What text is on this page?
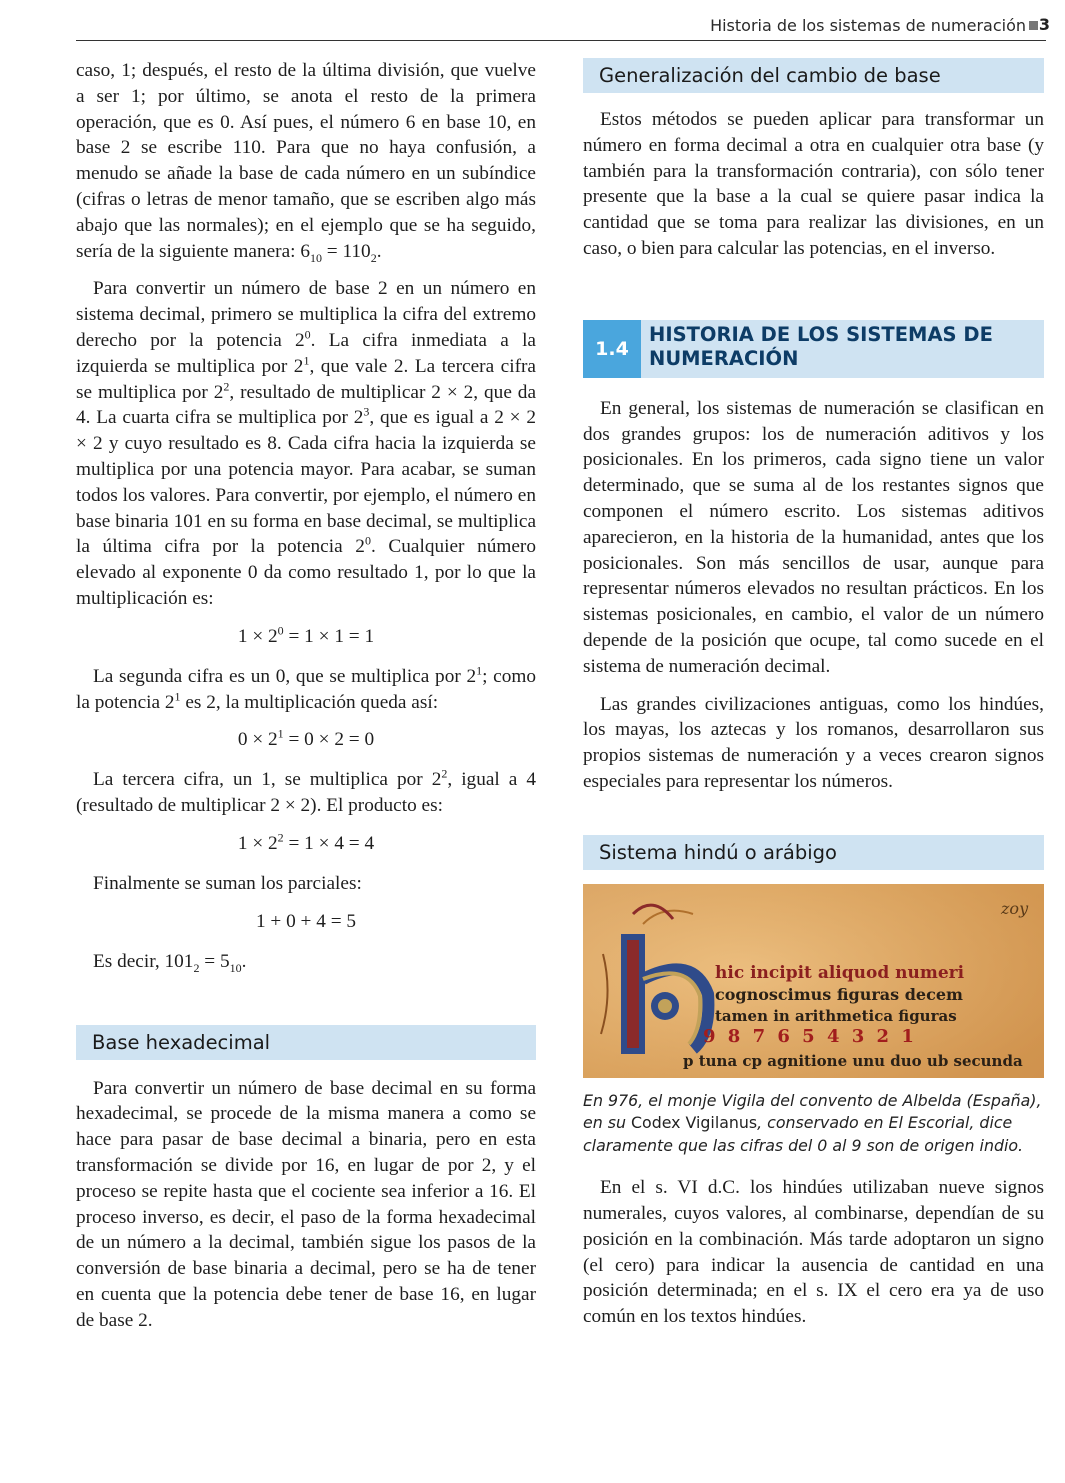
Historia de los sistemas de numeración 3

caso, 1; después, el resto de la última división, que vuelve a ser 1; por último, se anota el resto de la primera operación, que es 0. Así pues, el número 6 en base 10, en base 2 se escribe 110. Para que no haya confusión, a menudo se añade la base de cada número en un subíndice (cifras o letras de menor tamaño, que se escriben algo más abajo que las normales); en el ejemplo que se ha seguido, sería de la siguiente manera: $6_{10} = 110_2$.

Para convertir un número de base 2 en un número en sistema decimal, primero se multiplica la cifra del extremo derecho por la potencia $2^0$. La cifra inmediata a la izquierda se multiplica por $2^1$, que vale 2. La tercera cifra se multiplica por $2^2$, resultado de multiplicar 2 × 2, que da 4. La cuarta cifra se multiplica por $2^3$, que es igual a 2 × 2 × 2 y cuyo resultado es 8. Cada cifra hacia la izquierda se multiplica por una potencia mayor. Para acabar, se suman todos los valores. Para convertir, por ejemplo, el número en base binaria 101 en su forma en base decimal, se multiplica la última cifra por la potencia $2^0$. Cualquier número elevado al exponente 0 da como resultado 1, por lo que la multiplicación es:

$1 \times 2^0 = 1 \times 1 = 1$

La segunda cifra es un 0, que se multiplica por $2^1$; como la potencia $2^1$ es 2, la multiplicación queda así:

$0 \times 2^1 = 0 \times 2 = 0$

La tercera cifra, un 1, se multiplica por $2^2$, igual a 4 (resultado de multiplicar 2 × 2). El producto es:

$1 \times 2^2 = 1 \times 4 = 4$

Finalmente se suman los parciales:

1 + 0 + 4 = 5

Es decir, $101_2 = 5_{10}$.

Base hexadecimal

Para convertir un número de base decimal en su forma hexadecimal, se procede de la misma manera a como se hace para pasar de base decimal a binaria, pero en esta transformación se divide por 16, en lugar de por 2, y el proceso se repite hasta que el cociente sea inferior a 16. El proceso inverso, es decir, el paso de la forma hexadecimal de un número a la decimal, también sigue los pasos de la conversión de base binaria a decimal, pero se ha de tener en cuenta que la potencia debe tener de base 16, en lugar de base 2.

Generalización del cambio de base

Estos métodos se pueden aplicar para transformar un número en forma decimal a otra en cualquier otra base (y también para la transformación contraria), con sólo tener presente que la base a la cual se quiere pasar indica la cantidad que se toma para realizar las divisiones, en un caso, o bien para calcular las potencias, en el inverso.

1.4
HISTORIA DE LOS SISTEMAS DE NUMERACIÓN

En general, los sistemas de numeración se clasifican en dos grandes grupos: los de numeración aditivos y los posicionales. En los primeros, cada signo tiene un valor determinado, que se suma al de los restantes signos que componen el número escrito. Los sistemas aditivos aparecieron, en la historia de la humanidad, antes que los posicionales. Son más sencillos de usar, aunque para representar números elevados no resultan prácticos. En los sistemas posicionales, en cambio, el valor de un número depende de la posición que ocupe, tal como sucede en el sistema de numeración decimal.

Las grandes civilizaciones antiguas, como los hindúes, los mayas, los aztecas y los romanos, desarrollaron sus propios sistemas de numeración y a veces crearon signos especiales para representar los números.

Sistema hindú o arábigo
hic incipit aliquod numeri
cognoscimus figuras decem
tamen in arithmetica figuras
9 8 7 6 5 4 3 2 1
p tuna cp agnitione unu duo ub secunda
zoy
En 976, el monje Vigila del convento de Albelda (España), en su Codex Vigilanus, conservado en El Escorial, dice claramente que las cifras del 0 al 9 son de origen indio.

En el s. VI d.C. los hindúes utilizaban nueve signos numerales, cuyos valores, al combinarse, dependían de su posición en la combinación. Más tarde adoptaron un signo (el cero) para indicar la ausencia de cantidad en una posición determinada; en el s. IX el cero era ya de uso común en los textos hindúes.
